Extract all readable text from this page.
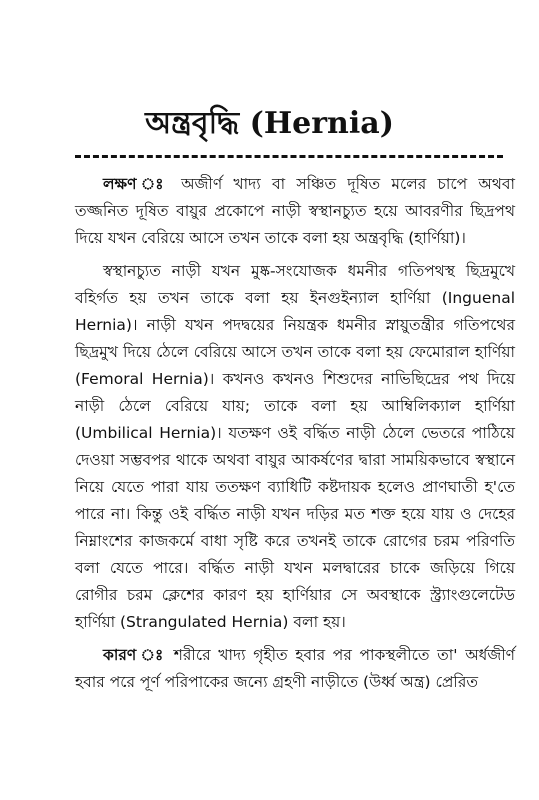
অন্ত্রবৃদ্ধি (Hernia)

লক্ষণ ঃ অজীর্ণ খাদ্য বা সঞ্চিত দূষিত মলের চাপে অথবা তজ্জনিত দূষিত বায়ুর প্রকোপে নাড়ী স্বস্থানচ্যুত হয়ে আবরণীর ছিদ্রপথ দিয়ে যখন বেরিয়ে আসে তখন তাকে বলা হয় অন্ত্রবৃদ্ধি (হার্ণিয়া)।

স্বস্থানচ্যুত নাড়ী যখন মুষ্ক-সংযোজক ধমনীর গতিপথস্থ ছিদ্রমুখে বহির্গত হয় তখন তাকে বলা হয় ইনগুইন্যাল হার্ণিয়া (Inguenal Hernia)। নাড়ী যখন পদদ্বয়ের নিয়ন্ত্রক ধমনীর স্নায়ুতন্ত্রীর গতিপথের ছিদ্রমুখ দিয়ে ঠেলে বেরিয়ে আসে তখন তাকে বলা হয় ফেমোরাল হার্ণিয়া (Femoral Hernia)। কখনও কখনও শিশুদের নাভিছিদ্রের পথ দিয়ে নাড়ী ঠেলে বেরিয়ে যায়; তাকে বলা হয় আম্বিলিক্যাল হার্ণিয়া (Umbilical Hernia)। যতক্ষণ ওই বর্দ্ধিত নাড়ী ঠেলে ভেতরে পাঠিয়ে দেওয়া সম্ভবপর থাকে অথবা বায়ুর আকর্ষণের দ্বারা সাময়িকভাবে স্বস্থানে নিয়ে যেতে পারা যায় ততক্ষণ ব্যাধিটি কষ্টদায়ক হলেও প্রাণঘাতী হ'তে পারে না। কিন্তু ওই বর্দ্ধিত নাড়ী যখন দড়ির মত শক্ত হয়ে যায় ও দেহের নিম্নাংশের কাজকর্মে বাধা সৃষ্টি করে তখনই তাকে রোগের চরম পরিণতি বলা যেতে পারে। বর্দ্ধিত নাড়ী যখন মলদ্বারের চাকে জড়িয়ে গিয়ে রোগীর চরম ক্লেশের কারণ হয় হার্ণিয়ার সে অবস্থাকে স্ট্র্যাংগুলেটেড হার্ণিয়া (Strangulated Hernia) বলা হয়।

কারণ ঃ শরীরে খাদ্য গৃহীত হবার পর পাকস্থলীতে তা' অর্ধজীর্ণ হবার পরে পূর্ণ পরিপাকের জন্যে গ্রহণী নাড়ীতে (উর্ধ্ব অন্ত্র) প্রেরিত
